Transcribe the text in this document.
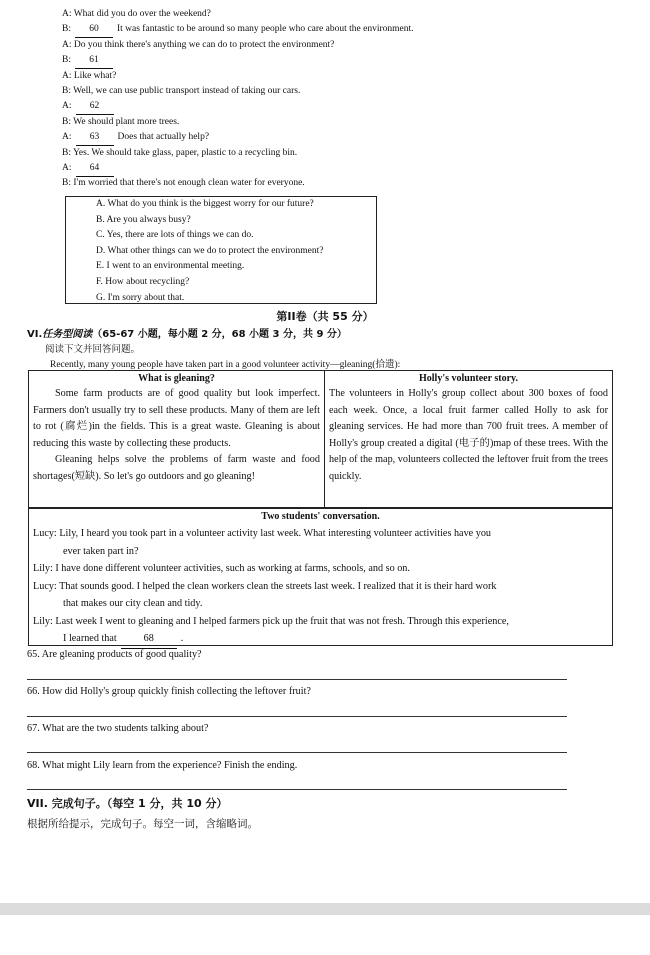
A: What did you do over the weekend?
B: 60 It was fantastic to be around so many people who care about the environment.
A: Do you think there's anything we can do to protect the environment?
B: 61
A: Like what?
B: Well, we can use public transport instead of taking our cars.
A: 62
B: We should plant more trees.
A: 63 Does that actually help?
B: Yes. We should take glass, paper, plastic to a recycling bin.
A: 64
B: I'm worried that there's not enough clean water for everyone.
A. What do you think is the biggest worry for our future?
B. Are you always busy?
C. Yes, there are lots of things we can do.
D. What other things can we do to protect the environment?
E. I went to an environmental meeting.
F. How about recycling?
G. I'm sorry about that.
第II卷（共 55 分）
VI.任务型阅读（65-67 小题，每小题 2 分，68 小题 3 分，共 9 分）
阅读下文并回答问题。
Recently, many young people have taken part in a good volunteer activity—gleaning(拾遗):
What is gleaning?

Some farm products are of good quality but look imperfect. Farmers don't usually try to sell these products. Many of them are left to rot (腐烂)in the fields. This is a great waste. Gleaning is about reducing this waste by collecting these products.

Gleaning helps solve the problems of farm waste and food shortages(短缺). So let's go outdoors and go gleaning!

Holly's volunteer story.

The volunteers in Holly's group collect about 300 boxes of food each week. Once, a local fruit farmer called Holly to ask for gleaning services. He had more than 700 fruit trees. A member of Holly's group created a digital (电子的)map of these trees. With the help of the map, volunteers collected the leftover fruit from the trees quickly.

Two students' conversation.
Lucy: Lily, I heard you took part in a volunteer activity last week. What interesting volunteer activities have you
ever taken part in?
Lily: I have done different volunteer activities, such as working at farms, schools, and so on.
Lucy: That sounds good. I helped the clean workers clean the streets last week. I realized that it is their hard work
that makes our city clean and tidy.
Lily: Last week I went to gleaning and I helped farmers pick up the fruit that was not fresh. Through this experience,
I learned that	68	.
65. Are gleaning products of good quality?
66. How did Holly's group quickly finish collecting the leftover fruit?
67. What are the two students talking about?
68. What might Lily learn from the experience? Finish the ending.
VII. 完成句子。（每空 1 分，共 10 分）
根据所给提示，完成句子。每空一词，含缩略词。
